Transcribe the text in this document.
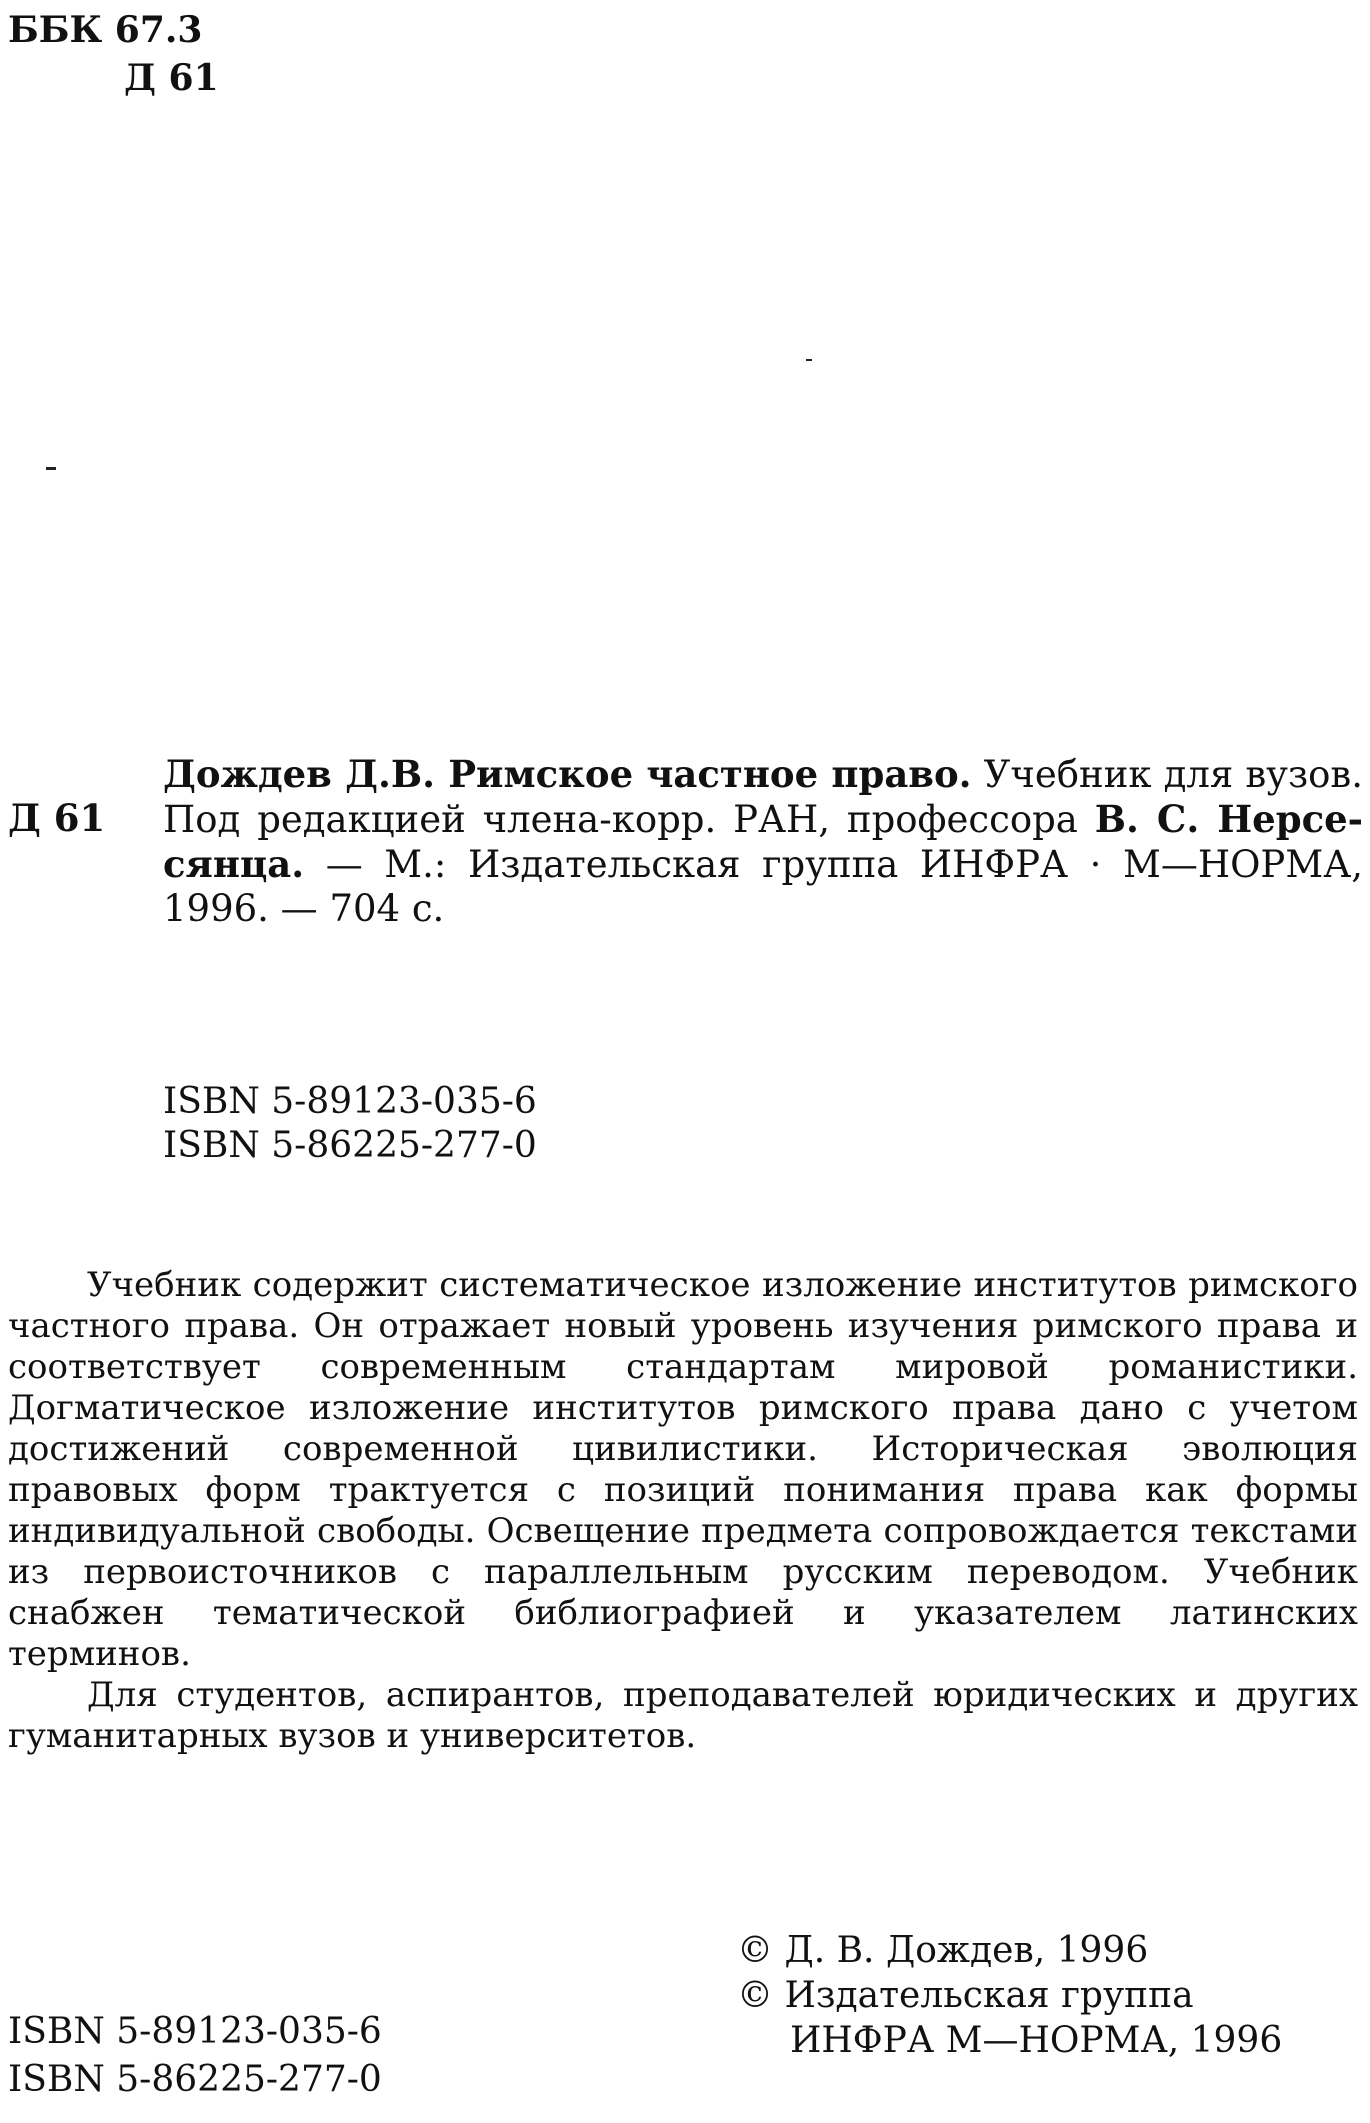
ББК 67.3
Д 61
Д 61
Дождев Д.В. Римское частное право. Учебник для вузов.
Под редакцией члена-корр. РАН, профессора В. С. Нерсе-
сянца. — М.: Издательская группа ИНФРА · М—НОРМА,
1996. — 704 с.
ISBN 5-89123-035-6
ISBN 5-86225-277-0

Учебник содержит систематическое изложение институтов римского частного права. Он отражает новый уровень изучения римского права и соответствует современным стандартам мировой романистики. Догматическое изложение институтов римского права дано с учетом достижений современной цивилистики. Историческая эволюция правовых форм трактуется с позиций понимания права как формы индивидуальной свободы. Освещение предмета сопровождается текстами из первоисточников с параллельным русским переводом. Учебник снабжен тематической библиографией и указателем латинских терминов.

Для студентов, аспирантов, преподавателей юридических и других гуманитарных вузов и университетов.

ISBN 5-89123-035-6
ISBN 5-86225-277-0
© Д. В. Дождев, 1996
© Издательская группа
ИНФРА М—НОРМА, 1996
